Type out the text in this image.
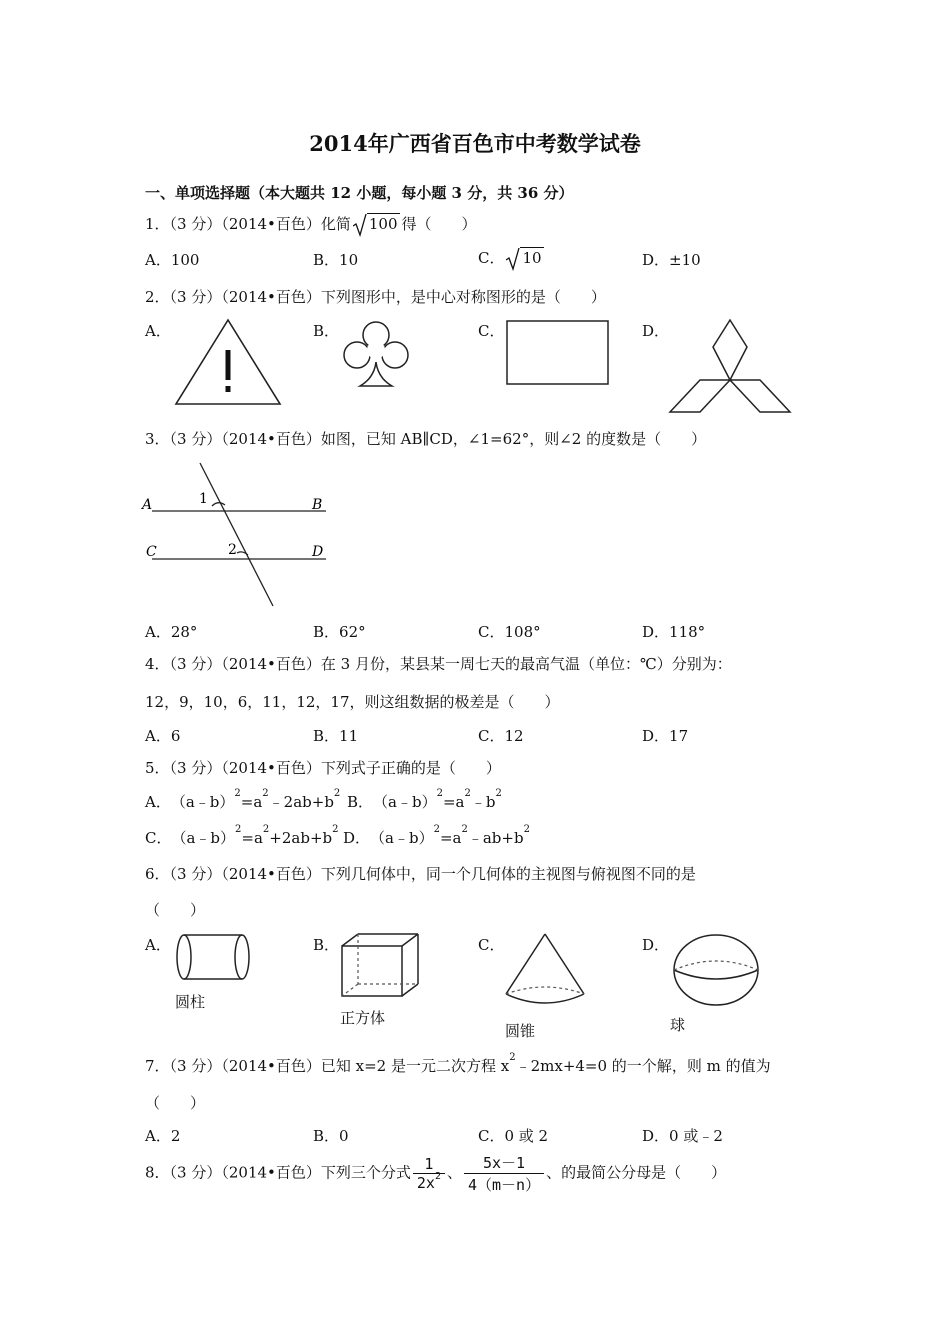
2014年广西省百色市中考数学试卷
一、单项选择题（本大题共 12 小题，每小题 3 分，共 36 分）
1．（3 分）（2014•百色）化简 100 得（　　）
A．100	B．10	C． 10	D．±10
2．（3 分）（2014•百色）下列图形中，是中心对称图形的是（　　）
A．	B．	C．	D．
3．（3 分）（2014•百色）如图，已知 AB∥CD，∠1=62°，则∠2 的度数是（　　）
A	B
C	D
1
2
A．28°	B．62°	C．108°	D．118°
4．（3 分）（2014•百色）在 3 月份，某县某一周七天的最高气温（单位：℃）分别为：
12，9，10，6，11，12，17，则这组数据的极差是（　　）
A．6	B．11	C．12	D．17
5．（3 分）（2014•百色）下列式子正确的是（　　）
A．　$(a﹣b)^2=a^2﹣2ab+b^2$ B．　$(a﹣b)^2=a^2﹣b^2$
C．　$(a﹣b)^2=a^2+2ab+b^2$ D．　$(a﹣b)^2=a^2﹣ab+b^2$
6．（3 分）（2014•百色）下列几何体中，同一个几何体的主视图与俯视图不同的是
（　　）
A．	B．	C．	D．
圆柱
正方体
圆锥	球
7．（3 分）（2014•百色）已知 x=2 是一元二次方程 $x^2﹣2mx+4=0$ 的一个解，则 m 的值为
（　　）
A．2	B．0	C．0 或 2	D．0 或﹣2
8．（3 分）（2014•百色）下列三个分式 $\frac{1}{2x^2}$ 、 $\frac{5x-1}{4(m-n)}$ 、的最简公分母是（　　）
